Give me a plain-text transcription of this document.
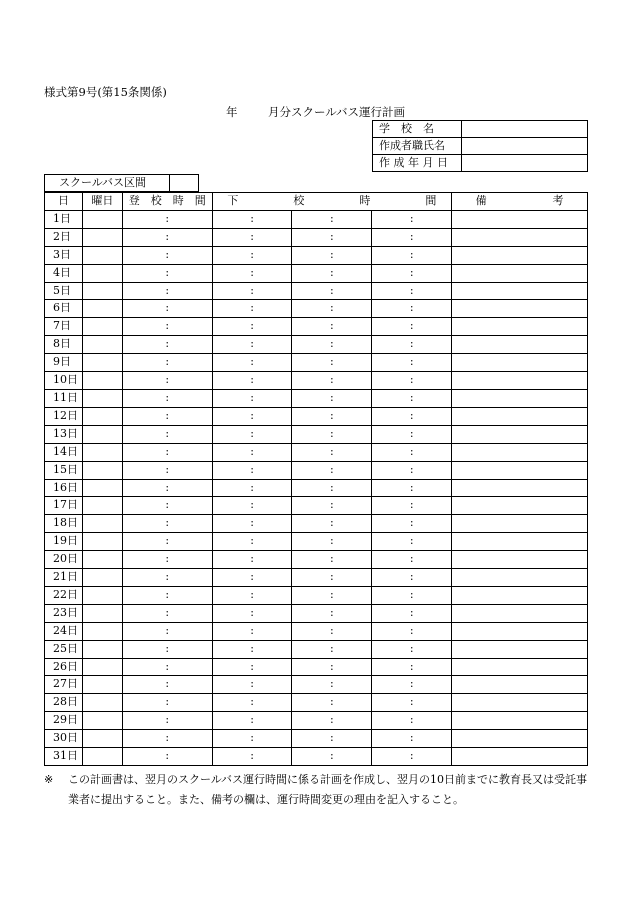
様式第9号(第15条関係)
年	月分スクールバス運行計画
学　校　名	
作成者職氏名	
作 成 年 月 日	
スクールバス区間		
日	曜日	登　校　時　間	下　　　　　校　　　　　時　　　　　間			備　　　　　　考
1日		:	:	:	:	
2日		:	:	:	:	
3日		:	:	:	:	
4日		:	:	:	:	
5日		:	:	:	:	
6日		:	:	:	:	
7日		:	:	:	:	
8日		:	:	:	:	
9日		:	:	:	:	
10日		:	:	:	:	
11日		:	:	:	:	
12日		:	:	:	:	
13日		:	:	:	:	
14日		:	:	:	:	
15日		:	:	:	:	
16日		:	:	:	:	
17日		:	:	:	:	
18日		:	:	:	:	
19日		:	:	:	:	
20日		:	:	:	:	
21日		:	:	:	:	
22日		:	:	:	:	
23日		:	:	:	:	
24日		:	:	:	:	
25日		:	:	:	:	
26日		:	:	:	:	
27日		:	:	:	:	
28日		:	:	:	:	
29日		:	:	:	:	
30日		:	:	:	:	
31日		:	:	:	:	
※ この計画書は、翌月のスクールバス運行時間に係る計画を作成し、翌月の10日前までに教育長又は受託事業者に提出すること。また、備考の欄は、運行時間変更の理由を記入すること。
